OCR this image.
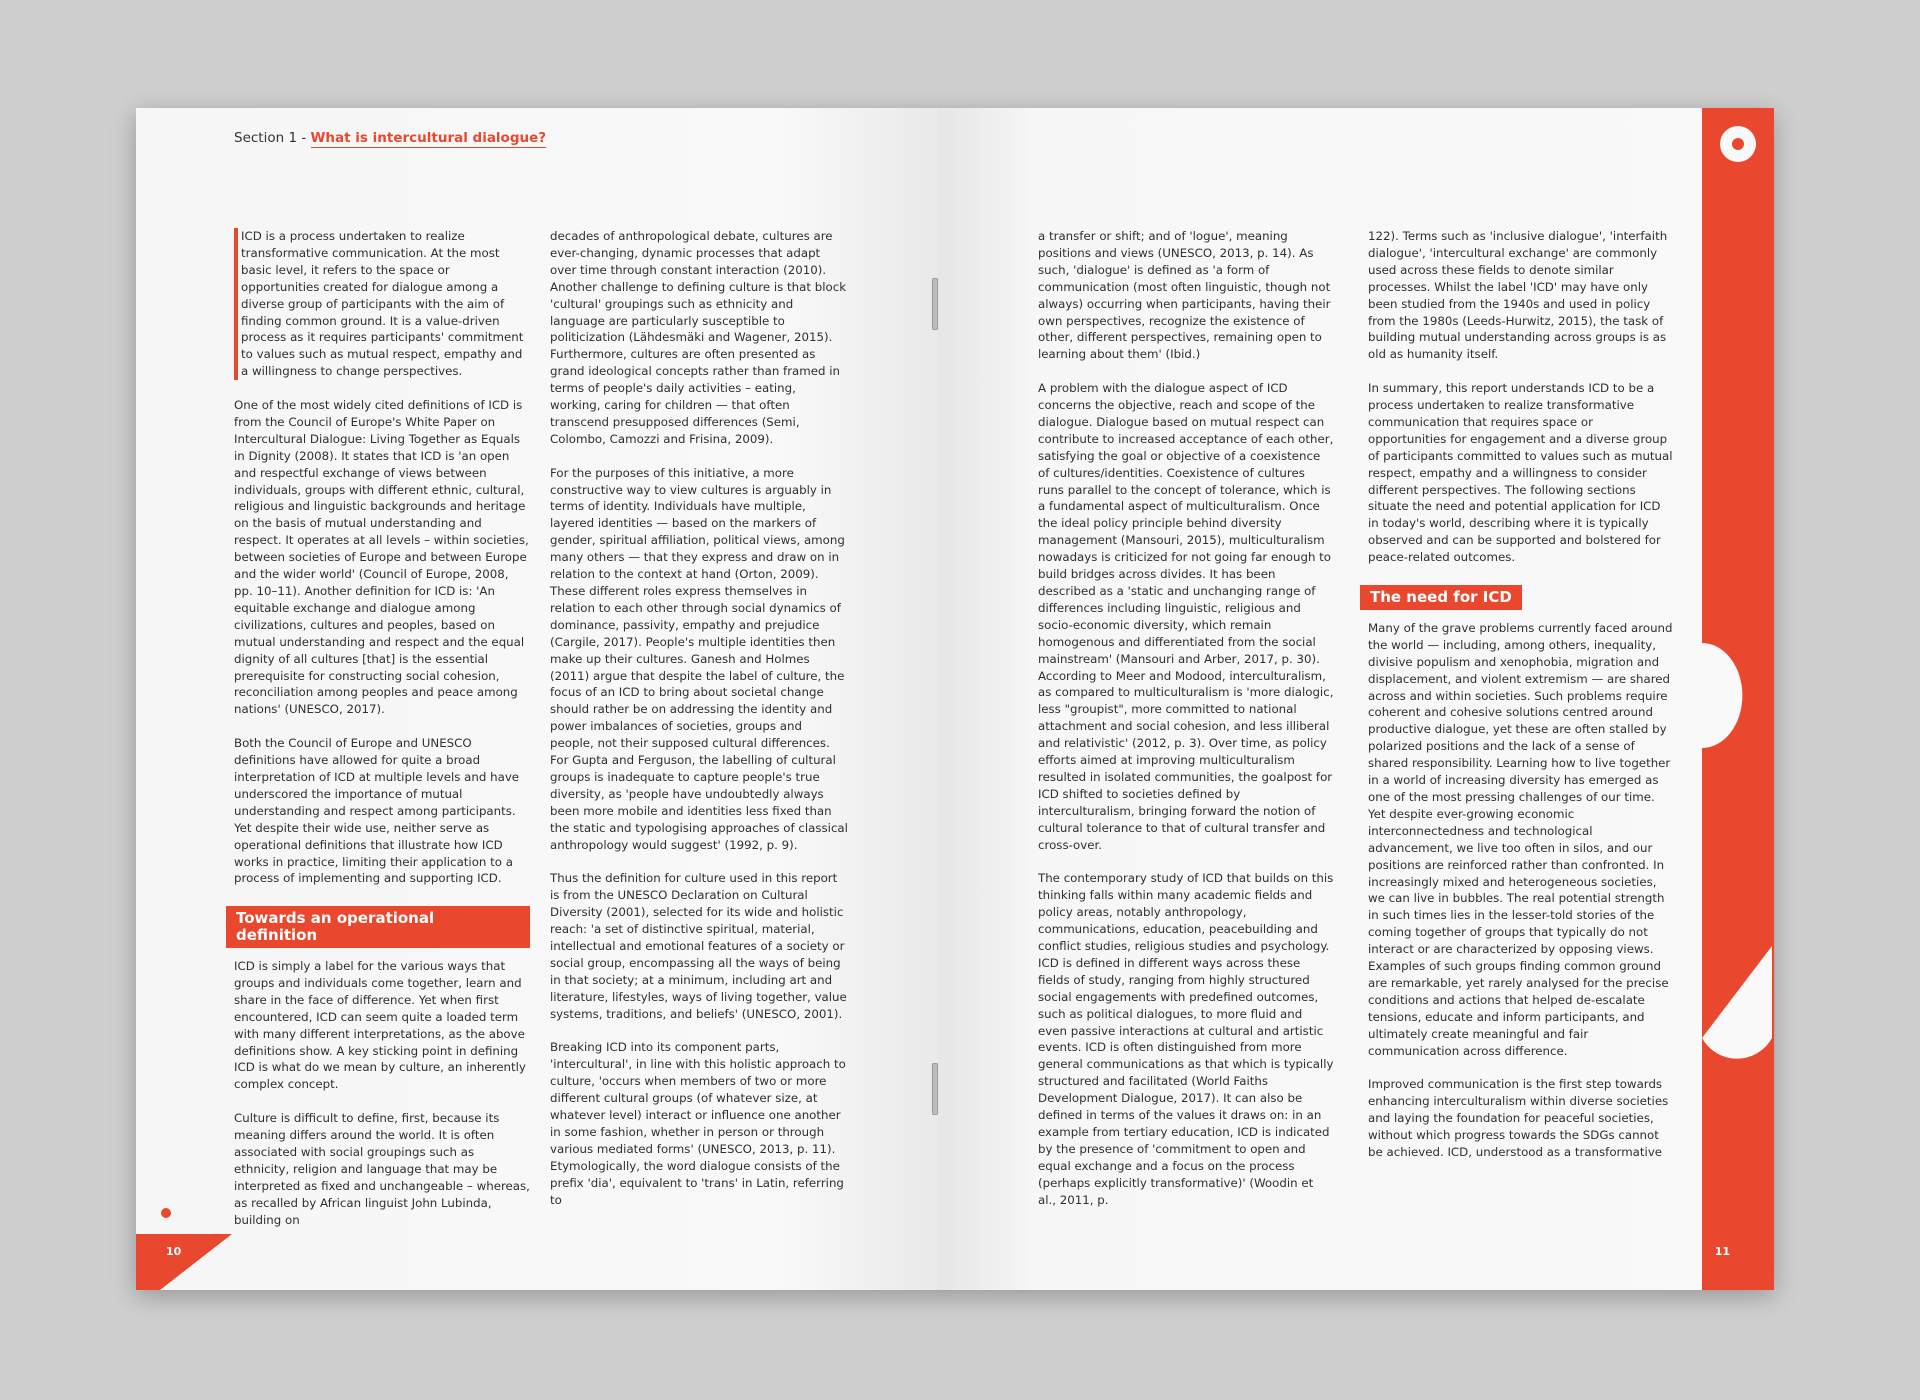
Section 1 - What is intercultural dialogue?

ICD is a process undertaken to realize transformative communication. At the most basic level, it refers to the space or opportunities created for dialogue among a diverse group of participants with the aim of finding common ground. It is a value-driven process as it requires participants' commitment to values such as mutual respect, empathy and a willingness to change perspectives.

One of the most widely cited definitions of ICD is from the Council of Europe's White Paper on Intercultural Dialogue: Living Together as Equals in Dignity (2008). It states that ICD is 'an open and respectful exchange of views between individuals, groups with different ethnic, cultural, religious and linguistic backgrounds and heritage on the basis of mutual understanding and respect. It operates at all levels – within societies, between societies of Europe and between Europe and the wider world' (Council of Europe, 2008, pp. 10–11). Another definition for ICD is: 'An equitable exchange and dialogue among civilizations, cultures and peoples, based on mutual understanding and respect and the equal dignity of all cultures [that] is the essential prerequisite for constructing social cohesion, reconciliation among peoples and peace among nations' (UNESCO, 2017).

Both the Council of Europe and UNESCO definitions have allowed for quite a broad interpretation of ICD at multiple levels and have underscored the importance of mutual understanding and respect among participants. Yet despite their wide use, neither serve as operational definitions that illustrate how ICD works in practice, limiting their application to a process of implementing and supporting ICD.

Towards an operational definition

ICD is simply a label for the various ways that groups and individuals come together, learn and share in the face of difference. Yet when first encountered, ICD can seem quite a loaded term with many different interpretations, as the above definitions show. A key sticking point in defining ICD is what do we mean by culture, an inherently complex concept.

Culture is difficult to define, first, because its meaning differs around the world. It is often associated with social groupings such as ethnicity, religion and language that may be interpreted as fixed and unchangeable – whereas, as recalled by African linguist John Lubinda, building on

decades of anthropological debate, cultures are ever-changing, dynamic processes that adapt over time through constant interaction (2010). Another challenge to defining culture is that block 'cultural' groupings such as ethnicity and language are particularly susceptible to politicization (Lähdesmäki and Wagener, 2015). Furthermore, cultures are often presented as grand ideological concepts rather than framed in terms of people's daily activities – eating, working, caring for children — that often transcend presupposed differences (Semi, Colombo, Camozzi and Frisina, 2009).

For the purposes of this initiative, a more constructive way to view cultures is arguably in terms of identity. Individuals have multiple, layered identities — based on the markers of gender, spiritual affiliation, political views, among many others — that they express and draw on in relation to the context at hand (Orton, 2009). These different roles express themselves in relation to each other through social dynamics of dominance, passivity, empathy and prejudice (Cargile, 2017). People's multiple identities then make up their cultures. Ganesh and Holmes (2011) argue that despite the label of culture, the focus of an ICD to bring about societal change should rather be on addressing the identity and power imbalances of societies, groups and people, not their supposed cultural differences. For Gupta and Ferguson, the labelling of cultural groups is inadequate to capture people's true diversity, as 'people have undoubtedly always been more mobile and identities less fixed than the static and typologising approaches of classical anthropology would suggest' (1992, p. 9).

Thus the definition for culture used in this report is from the UNESCO Declaration on Cultural Diversity (2001), selected for its wide and holistic reach: 'a set of distinctive spiritual, material, intellectual and emotional features of a society or social group, encompassing all the ways of being in that society; at a minimum, including art and literature, lifestyles, ways of living together, value systems, traditions, and beliefs' (UNESCO, 2001).

Breaking ICD into its component parts, 'intercultural', in line with this holistic approach to culture, 'occurs when members of two or more different cultural groups (of whatever size, at whatever level) interact or influence one another in some fashion, whether in person or through various mediated forms' (UNESCO, 2013, p. 11). Etymologically, the word dialogue consists of the prefix 'dia', equivalent to 'trans' in Latin, referring to

10

a transfer or shift; and of 'logue', meaning positions and views (UNESCO, 2013, p. 14). As such, 'dialogue' is defined as 'a form of communication (most often linguistic, though not always) occurring when participants, having their own perspectives, recognize the existence of other, different perspectives, remaining open to learning about them' (Ibid.)

A problem with the dialogue aspect of ICD concerns the objective, reach and scope of the dialogue. Dialogue based on mutual respect can contribute to increased acceptance of each other, satisfying the goal or objective of a coexistence of cultures/identities. Coexistence of cultures runs parallel to the concept of tolerance, which is a fundamental aspect of multiculturalism. Once the ideal policy principle behind diversity management (Mansouri, 2015), multiculturalism nowadays is criticized for not going far enough to build bridges across divides. It has been described as a 'static and unchanging range of differences including linguistic, religious and socio-economic diversity, which remain homogenous and differentiated from the social mainstream' (Mansouri and Arber, 2017, p. 30). According to Meer and Modood, interculturalism, as compared to multiculturalism is 'more dialogic, less "groupist", more committed to national attachment and social cohesion, and less illiberal and relativistic' (2012, p. 3). Over time, as policy efforts aimed at improving multiculturalism resulted in isolated communities, the goalpost for ICD shifted to societies defined by interculturalism, bringing forward the notion of cultural tolerance to that of cultural transfer and cross-over.

The contemporary study of ICD that builds on this thinking falls within many academic fields and policy areas, notably anthropology, communications, education, peacebuilding and conflict studies, religious studies and psychology. ICD is defined in different ways across these fields of study, ranging from highly structured social engagements with predefined outcomes, such as political dialogues, to more fluid and even passive interactions at cultural and artistic events. ICD is often distinguished from more general communications as that which is typically structured and facilitated (World Faiths Development Dialogue, 2017). It can also be defined in terms of the values it draws on: in an example from tertiary education, ICD is indicated by the presence of 'commitment to open and equal exchange and a focus on the process (perhaps explicitly transformative)' (Woodin et al., 2011, p.

122). Terms such as 'inclusive dialogue', 'interfaith dialogue', 'intercultural exchange' are commonly used across these fields to denote similar processes. Whilst the label 'ICD' may have only been studied from the 1940s and used in policy from the 1980s (Leeds-Hurwitz, 2015), the task of building mutual understanding across groups is as old as humanity itself.

In summary, this report understands ICD to be a process undertaken to realize transformative communication that requires space or opportunities for engagement and a diverse group of participants committed to values such as mutual respect, empathy and a willingness to consider different perspectives. The following sections situate the need and potential application for ICD in today's world, describing where it is typically observed and can be supported and bolstered for peace-related outcomes.

The need for ICD

Many of the grave problems currently faced around the world — including, among others, inequality, divisive populism and xenophobia, migration and displacement, and violent extremism — are shared across and within societies. Such problems require coherent and cohesive solutions centred around productive dialogue, yet these are often stalled by polarized positions and the lack of a sense of shared responsibility. Learning how to live together in a world of increasing diversity has emerged as one of the most pressing challenges of our time. Yet despite ever-growing economic interconnectedness and technological advancement, we live too often in silos, and our positions are reinforced rather than confronted. In increasingly mixed and heterogeneous societies, we can live in bubbles. The real potential strength in such times lies in the lesser-told stories of the coming together of groups that typically do not interact or are characterized by opposing views. Examples of such groups finding common ground are remarkable, yet rarely analysed for the precise conditions and actions that helped de-escalate tensions, educate and inform participants, and ultimately create meaningful and fair communication across difference.

Improved communication is the first step towards enhancing interculturalism within diverse societies and laying the foundation for peaceful societies, without which progress towards the SDGs cannot be achieved. ICD, understood as a transformative

11
